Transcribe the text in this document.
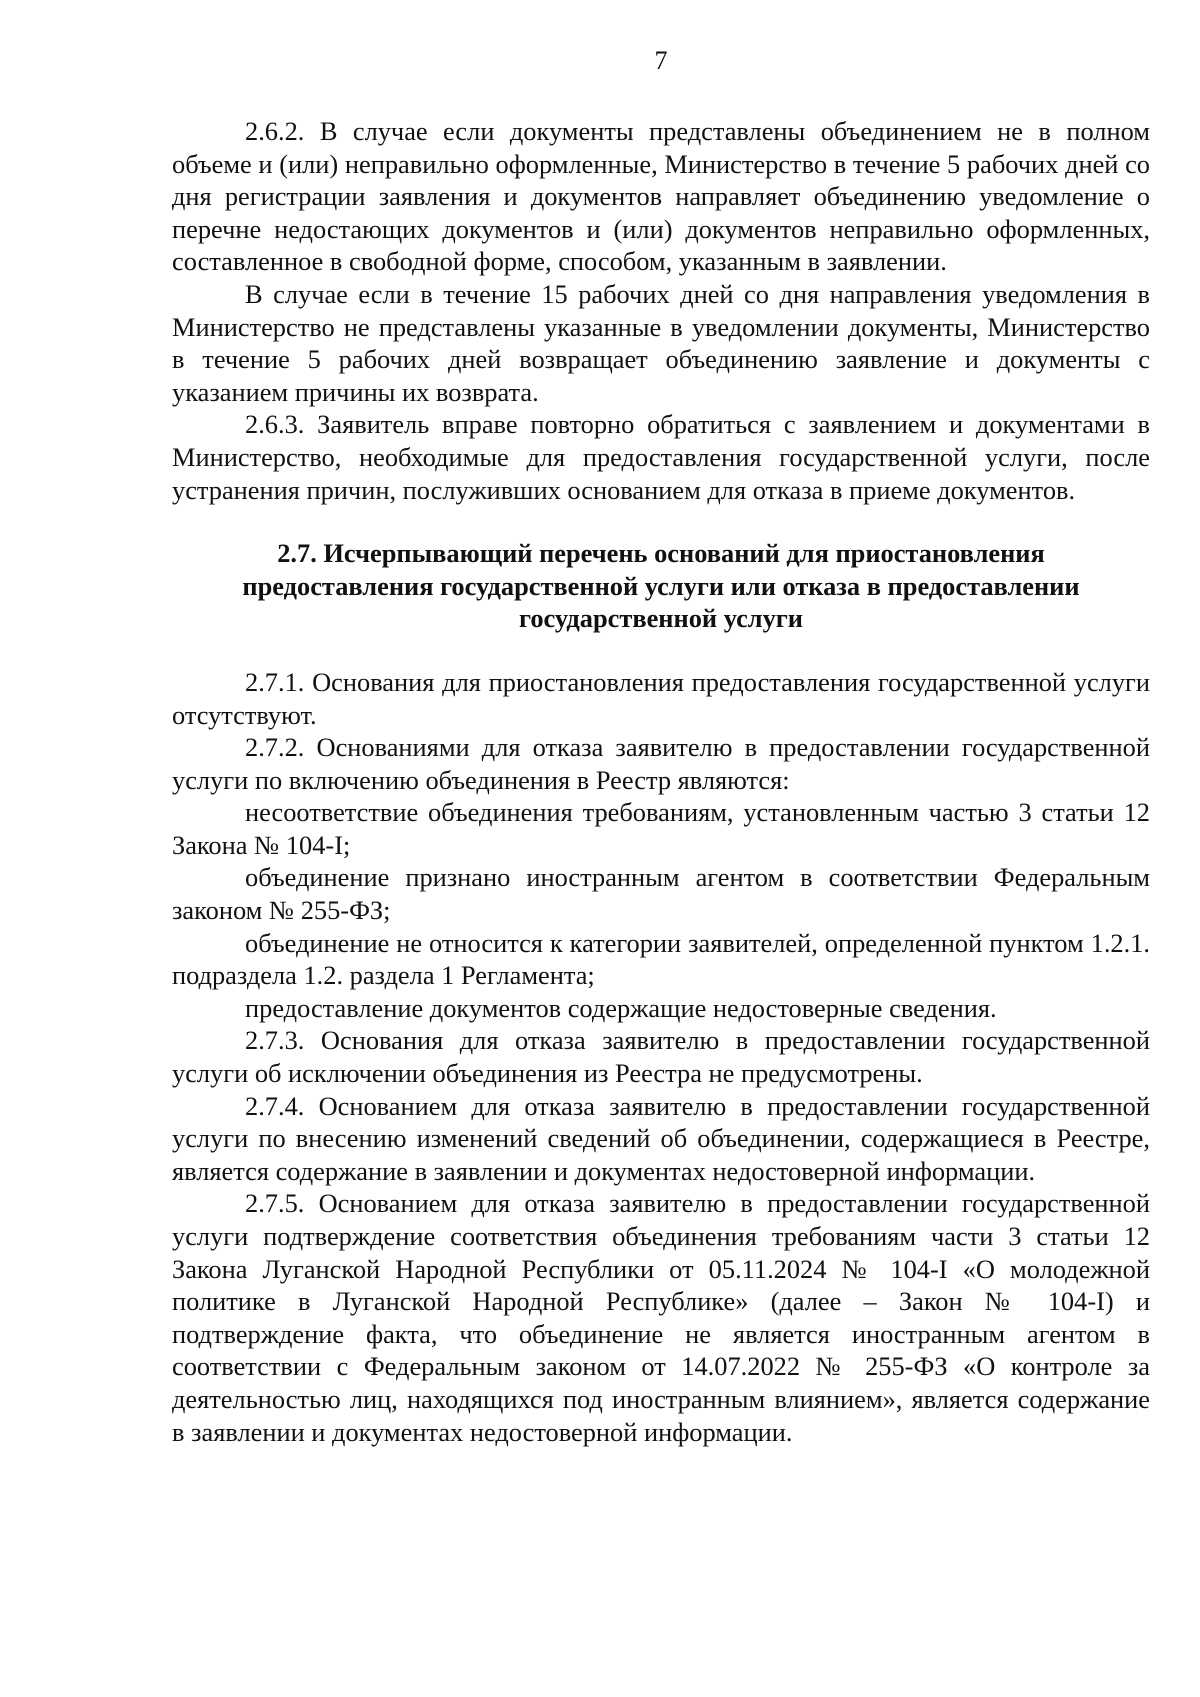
7

2.6.2. В случае если документы представлены объединением не в полном объеме и (или) неправильно оформленные, Министерство в течение 5 рабочих дней со дня регистрации заявления и документов направляет объединению уведомление о перечне недостающих документов и (или) документов неправильно оформленных, составленное в свободной форме, способом, указанным в заявлении.

В случае если в течение 15 рабочих дней со дня направления уведомления в Министерство не представлены указанные в уведомлении документы, Министерство в течение 5 рабочих дней возвращает объединению заявление и документы с указанием причины их возврата.

2.6.3. Заявитель вправе повторно обратиться с заявлением и документами в Министерство, необходимые для предоставления государственной услуги, после устранения причин, послуживших основанием для отказа в приеме документов.

2.7. Исчерпывающий перечень оснований для приостановления
предоставления государственной услуги или отказа в предоставлении
государственной услуги

2.7.1. Основания для приостановления предоставления государственной услуги отсутствуют.

2.7.2. Основаниями для отказа заявителю в предоставлении государственной услуги по включению объединения в Реестр являются:

несоответствие объединения требованиям, установленным частью 3 статьи 12 Закона № 104-I;

объединение признано иностранным агентом в соответствии Федеральным законом № 255-ФЗ;

объединение не относится к категории заявителей, определенной пунктом 1.2.1. подраздела 1.2. раздела 1 Регламента;

предоставление документов содержащие недостоверные сведения.

2.7.3. Основания для отказа заявителю в предоставлении государственной услуги об исключении объединения из Реестра не предусмотрены.

2.7.4. Основанием для отказа заявителю в предоставлении государственной услуги по внесению изменений сведений об объединении, содержащиеся в Реестре, является содержание в заявлении и документах недостоверной информации.

2.7.5. Основанием для отказа заявителю в предоставлении государственной услуги подтверждение соответствия объединения требованиям части 3 статьи 12 Закона Луганской Народной Республики от 05.11.2024 № 104-I «О молодежной политике в Луганской Народной Республике» (далее – Закон № 104-I) и подтверждение факта, что объединение не является иностранным агентом в соответствии с Федеральным законом от 14.07.2022 № 255-ФЗ «О контроле за деятельностью лиц, находящихся под иностранным влиянием», является содержание в заявлении и документах недостоверной информации.
